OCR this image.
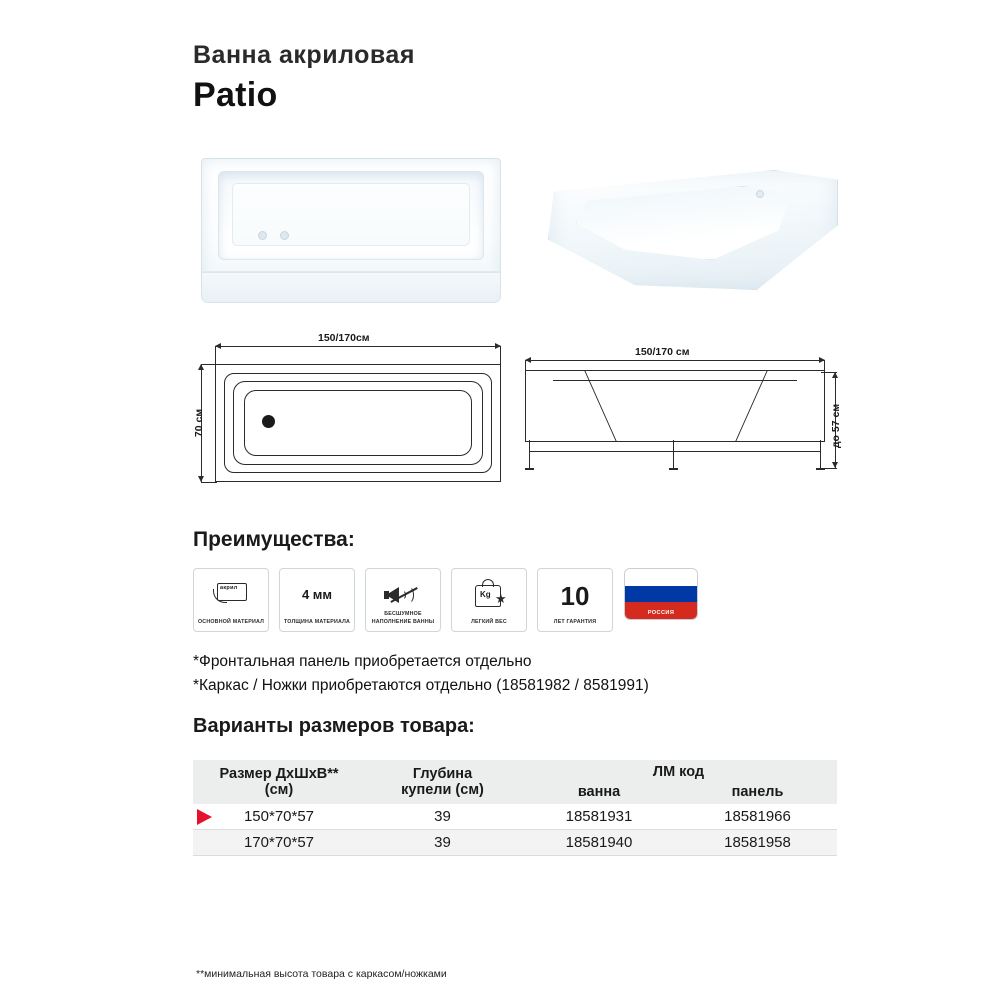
Ванна акриловая
Patio
150/170см
70 см
150/170 см
до 57 см
Преимущества:
акрил
ОСНОВНОЙ МАТЕРИАЛ
4 мм
ТОЛЩИНА МАТЕРИАЛА
БЕСШУМНОЕ НАПОЛНЕНИЕ ВАННЫ
Kg ★
ЛЕГКИЙ ВЕС
10
ЛЕТ ГАРАНТИЯ
РОССИЯ
*Фронтальная панель приобретается отдельно
*Каркас / Ножки приобретаются отдельно (18581982 / 8581991)
Варианты размеров товара:
Размер ДхШхВ**
(см)

Глубина
купели (см)
	ЛМ код
		ванна	панель

150*70*57	39	18581931	18581966
170*70*57	39	18581940	18581958
**минимальная высота товара с каркасом/ножками
